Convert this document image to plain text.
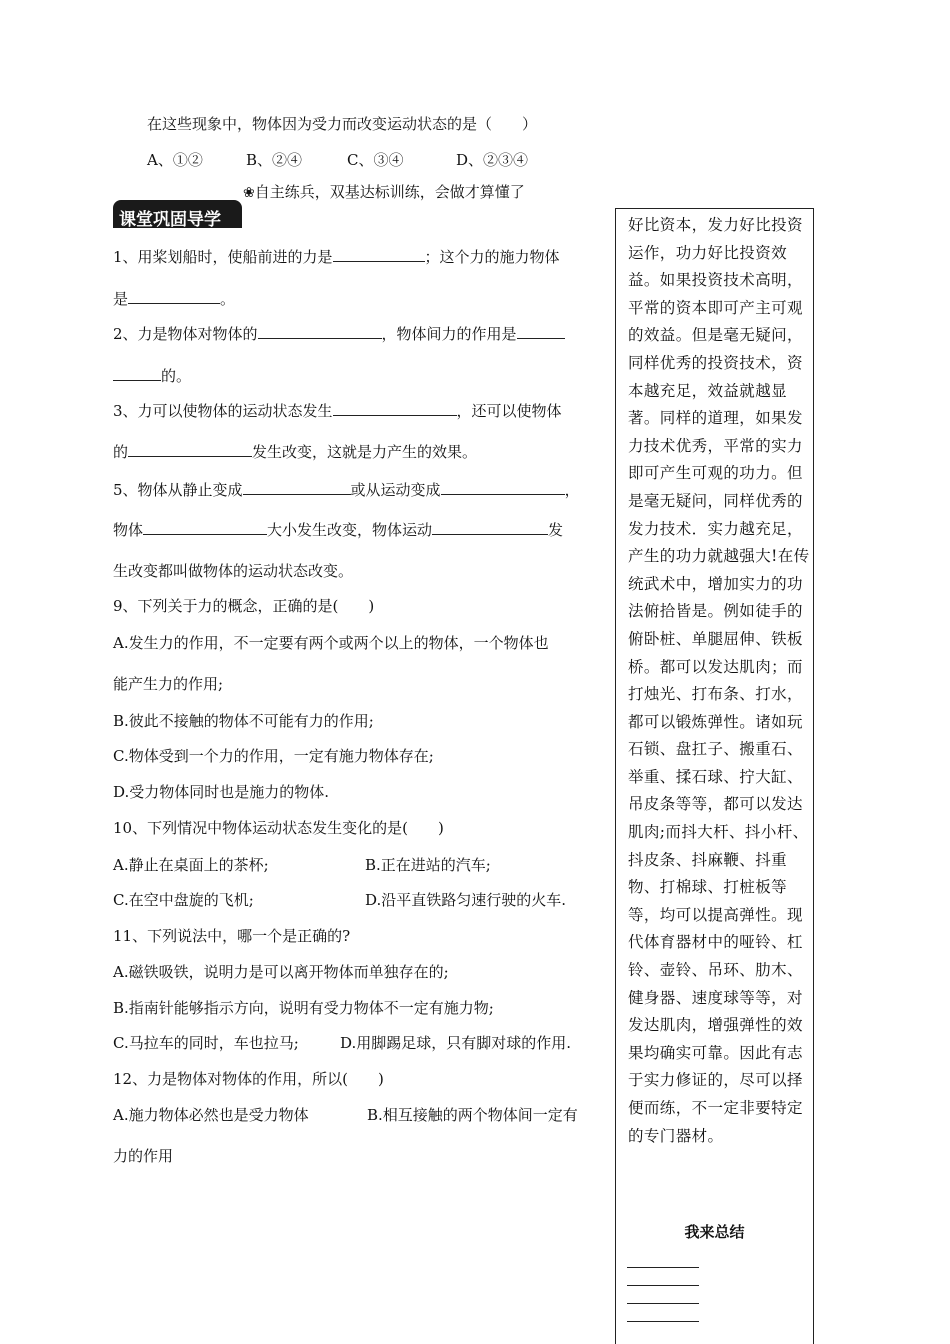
在这些现象中，物体因为受力而改变运动状态的是（　　）
A、①②	B、②④	C、③④	D、②③④
❀自主练兵，双基达标训练，会做才算懂了
课堂巩固导学
1、用桨划船时，使船前进的力是	；这个力的施力物体
是	。
2、力是物体对物体的	，物体间力的作用是
的。
3、力可以使物体的运动状态发生	，还可以使物体
的	发生改变，这就是力产生的效果。
5、物体从静止变成	或从运动变成	，
物体	大小发生改变，物体运动	发
生改变都叫做物体的运动状态改变。
9、下列关于力的概念，正确的是(　　)
A.发生力的作用，不一定要有两个或两个以上的物体，一个物体也
能产生力的作用;
B.彼此不接触的物体不可能有力的作用;
C.物体受到一个力的作用，一定有施力物体存在;
D.受力物体同时也是施力的物体.
10、下列情况中物体运动状态发生变化的是(　　)
A.静止在桌面上的茶杯;	B.正在进站的汽车;
C.在空中盘旋的飞机;	D.沿平直铁路匀速行驶的火车.
11、下列说法中，哪一个是正确的?
A.磁铁吸铁，说明力是可以离开物体而单独存在的;
B.指南针能够指示方向，说明有受力物体不一定有施力物;
C.马拉车的同时，车也拉马;	D.用脚踢足球，只有脚对球的作用.
12、力是物体对物体的作用，所以(　　)
A.施力物体必然也是受力物体	B.相互接触的两个物体间一定有
力的作用
好比资本，发力好比投资运作，功力好比投资效益。如果投资技术高明，平常的资本即可产主可观的效益。但是毫无疑问，同样优秀的投资技术，资本越充足，效益就越显著。同样的道理，如果发力技术优秀，平常的实力即可产生可观的功力。但是毫无疑问，同样优秀的发力技术．实力越充足，产生的功力就越强大!在传统武术中，增加实力的功法俯拾皆是。例如徒手的俯卧桩、单腿屈伸、铁板桥。都可以发达肌肉；而打烛光、打布条、打水，都可以锻炼弹性。诸如玩石锁、盘扛子、搬重石、举重、揉石球、拧大缸、吊皮条等等，都可以发达肌肉;而抖大杆、抖小杆、抖皮条、抖麻鞭、抖重物、打棉球、打桩板等等，均可以提高弹性。现代体育器材中的哑铃、杠铃、壶铃、吊环、肋木、健身器、速度球等等，对发达肌肉，增强弹性的效果均确实可靠。因此有志于实力修证的，尽可以择便而练，不一定非要特定的专门器材。
我来总结
